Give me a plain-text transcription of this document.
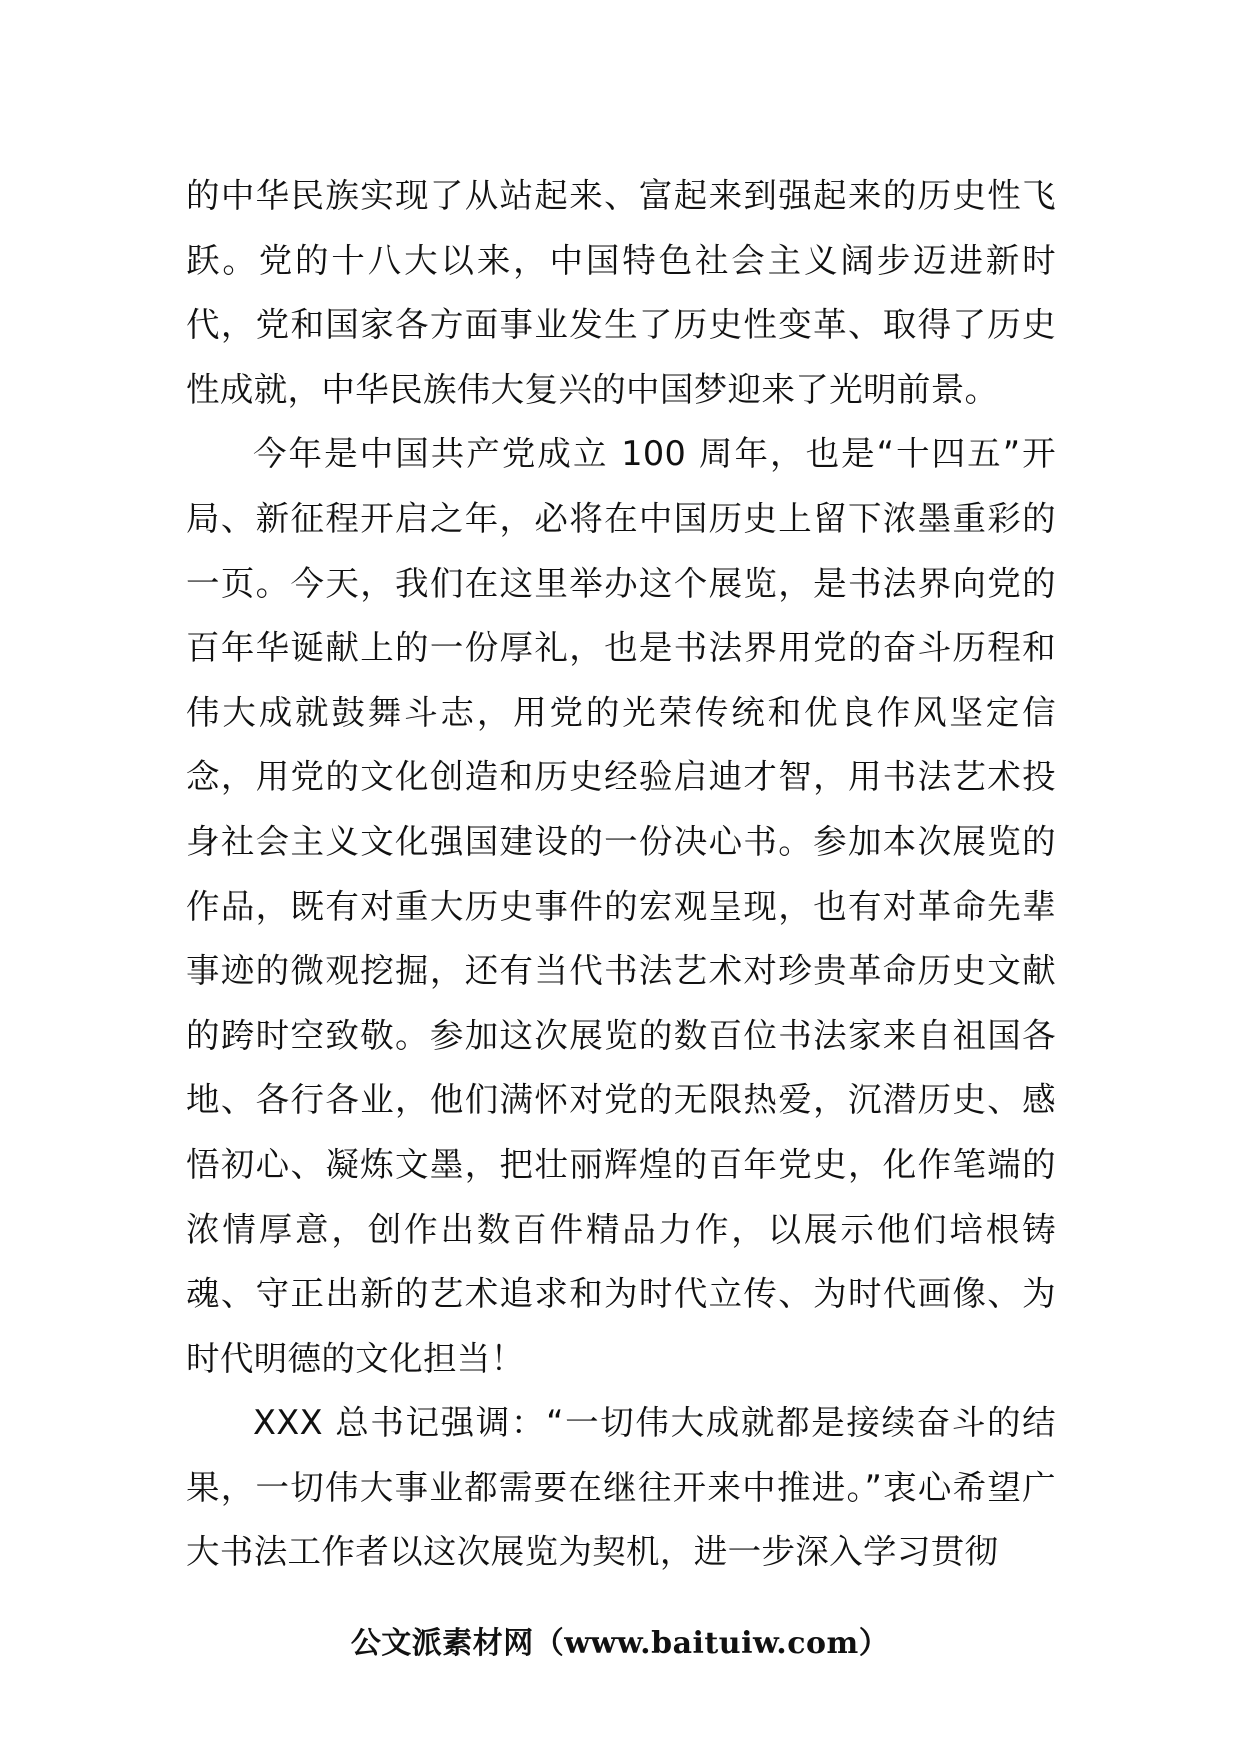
的中华民族实现了从站起来、富起来到强起来的历史性飞跃。党的十八大以来，中国特色社会主义阔步迈进新时代，党和国家各方面事业发生了历史性变革、取得了历史性成就，中华民族伟大复兴的中国梦迎来了光明前景。

今年是中国共产党成立 100 周年，也是“十四五”开局、新征程开启之年，必将在中国历史上留下浓墨重彩的一页。今天，我们在这里举办这个展览，是书法界向党的百年华诞献上的一份厚礼，也是书法界用党的奋斗历程和伟大成就鼓舞斗志，用党的光荣传统和优良作风坚定信念，用党的文化创造和历史经验启迪才智，用书法艺术投身社会主义文化强国建设的一份决心书。参加本次展览的作品，既有对重大历史事件的宏观呈现，也有对革命先辈事迹的微观挖掘，还有当代书法艺术对珍贵革命历史文献的跨时空致敬。参加这次展览的数百位书法家来自祖国各地、各行各业，他们满怀对党的无限热爱，沉潜历史、感悟初心、凝炼文墨，把壮丽辉煌的百年党史，化作笔端的浓情厚意，创作出数百件精品力作，以展示他们培根铸魂、守正出新的艺术追求和为时代立传、为时代画像、为时代明德的文化担当！

XXX 总书记强调：“一切伟大成就都是接续奋斗的结果，一切伟大事业都需要在继往开来中推进。”衷心希望广大书法工作者以这次展览为契机，进一步深入学习贯彻

公文派素材网（www.baituiw.com）
